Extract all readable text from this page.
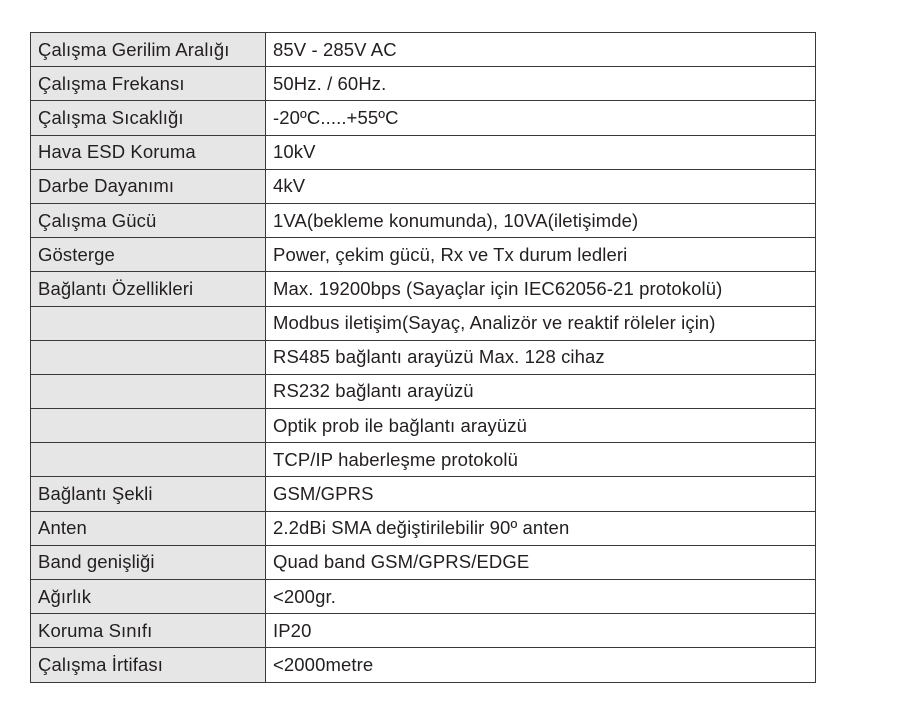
Çalışma Gerilim Aralığı	85V - 285V AC
Çalışma Frekansı	50Hz. / 60Hz.
Çalışma Sıcaklığı	-20ºC.....+55ºC
Hava ESD Koruma	10kV
Darbe Dayanımı	4kV
Çalışma Gücü	1VA(bekleme konumunda), 10VA(iletişimde)
Gösterge	Power, çekim gücü, Rx ve Tx durum ledleri
Bağlantı Özellikleri	Max. 19200bps (Sayaçlar için IEC62056-21 protokolü)
	Modbus iletişim(Sayaç, Analizör ve reaktif röleler için)
	RS485 bağlantı arayüzü Max. 128 cihaz
	RS232 bağlantı arayüzü
	Optik prob ile bağlantı arayüzü
	TCP/IP haberleşme protokolü
Bağlantı Şekli	GSM/GPRS
Anten	2.2dBi SMA değiştirilebilir 90º anten
Band genişliği	Quad band GSM/GPRS/EDGE
Ağırlık	<200gr.
Koruma Sınıfı	IP20
Çalışma İrtifası	<2000metre
